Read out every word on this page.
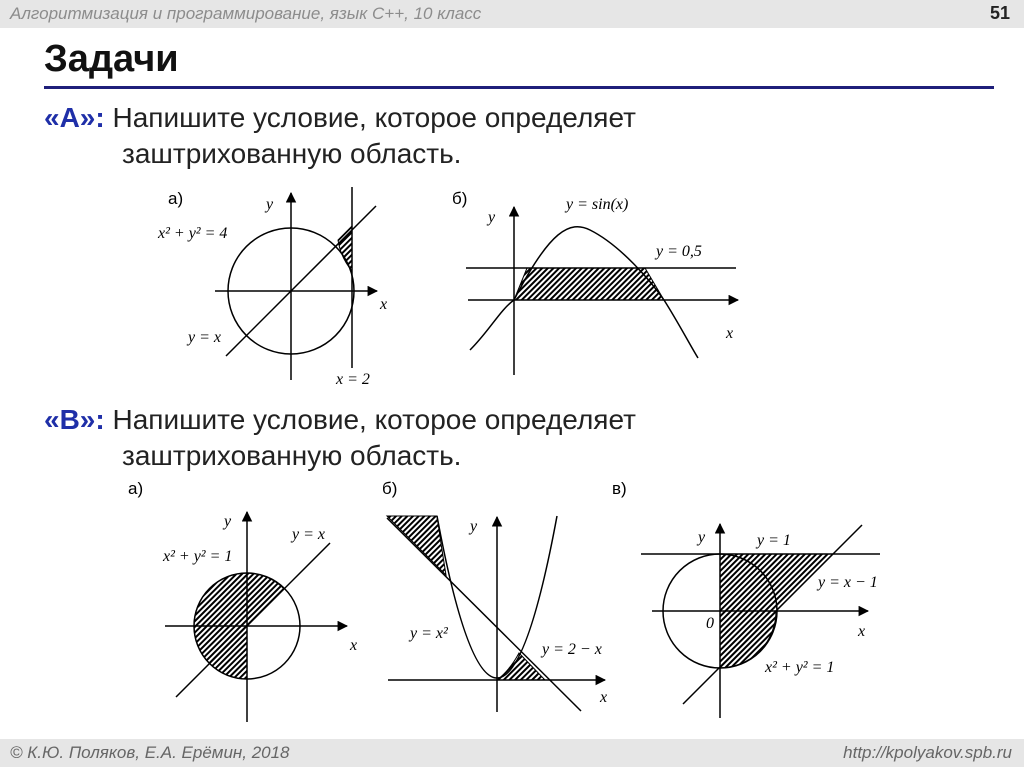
Алгоритмизация и программирование, язык C++, 10 класс	51
Задачи
«A»: Напишите условие, которое определяет
заштрихованную область.
«B»: Напишите условие, которое определяет
заштрихованную область.
а)	y
x
x² + y² = 4
y = x
x = 2
б)
y
x
y = sin(x)
y = 0,5
а)
y
x
x² + y² = 1
y = x
б)
y
x
y = x²
y = 2 − x
в)
y
x
y = 1
y = x − 1
0
x² + y² = 1
© К.Ю. Поляков, Е.А. Ерёмин, 2018	http://kpolyakov.spb.ru
